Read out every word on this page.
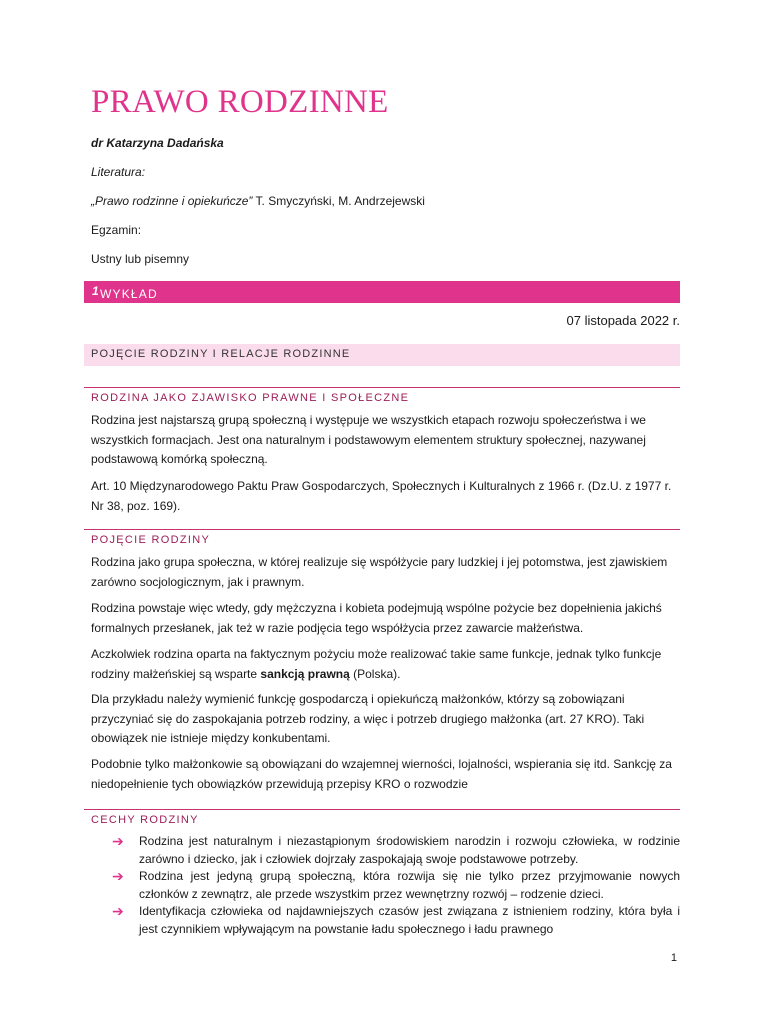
PRAWO RODZINNE
dr Katarzyna Dadańska
Literatura:
„Prawo rodzinne i opiekuńcze” T. Smyczyński, M. Andrzejewski
Egzamin:
Ustny lub pisemny
WYKŁAD
1
07 listopada 2022 r.
POJĘCIE RODZINY I RELACJE RODZINNE
RODZINA JAKO ZJAWISKO PRAWNE I SPOŁECZNE
Rodzina jest najstarszą grupą społeczną i występuje we wszystkich etapach rozwoju społeczeństwa i we wszystkich formacjach. Jest ona naturalnym i podstawowym elementem struktury społecznej, nazywanej podstawową komórką społeczną.
Art. 10 Międzynarodowego Paktu Praw Gospodarczych, Społecznych i Kulturalnych z 1966 r. (Dz.U. z 1977 r. Nr 38, poz. 169).
POJĘCIE RODZINY
Rodzina jako grupa społeczna, w której realizuje się współżycie pary ludzkiej i jej potomstwa, jest zjawiskiem zarówno socjologicznym, jak i prawnym.
Rodzina powstaje więc wtedy, gdy mężczyzna i kobieta podejmują wspólne pożycie bez dopełnienia jakichś formalnych przesłanek, jak też w razie podjęcia tego współżycia przez zawarcie małżeństwa.
Aczkolwiek rodzina oparta na faktycznym pożyciu może realizować takie same funkcje, jednak tylko funkcje rodziny małżeńskiej są wsparte sankcją prawną (Polska).
Dla przykładu należy wymienić funkcję gospodarczą i opiekuńczą małżonków, którzy są zobowiązani przyczyniać się do zaspokajania potrzeb rodziny, a więc i potrzeb drugiego małżonka (art. 27 KRO). Taki obowiązek nie istnieje między konkubentami.
Podobnie tylko małżonkowie są obowiązani do wzajemnej wierności, lojalności, wspierania się itd. Sankcję za niedopełnienie tych obowiązków przewidują przepisy KRO o rozwodzie
CECHY RODZINY
➔ Rodzina jest naturalnym i niezastąpionym środowiskiem narodzin i rozwoju człowieka, w rodzinie zarówno i dziecko, jak i człowiek dojrzały zaspokajają swoje podstawowe potrzeby.
➔ Rodzina jest jedyną grupą społeczną, która rozwija się nie tylko przez przyjmowanie nowych członków z zewnątrz, ale przede wszystkim przez wewnętrzny rozwój – rodzenie dzieci.
➔ Identyfikacja człowieka od najdawniejszych czasów jest związana z istnieniem rodziny, która była i jest czynnikiem wpływającym na powstanie ładu społecznego i ładu prawnego
1
